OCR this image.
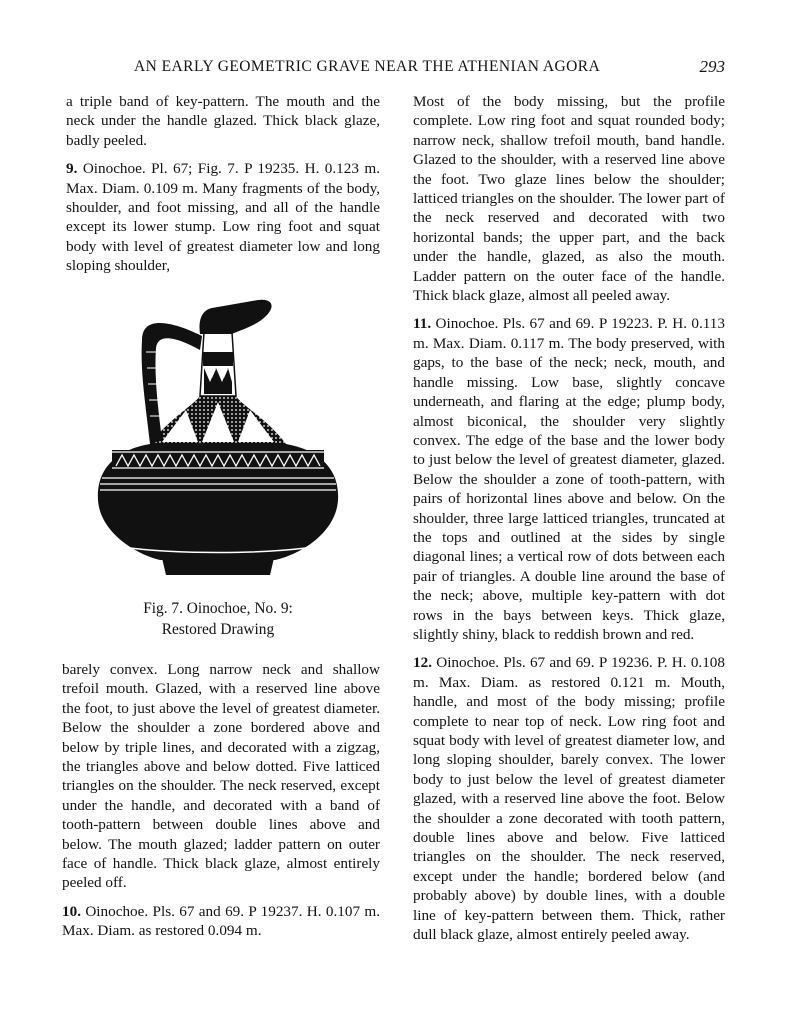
AN EARLY GEOMETRIC GRAVE NEAR THE ATHENIAN AGORA	293

a triple band of key-pattern. The mouth and the neck under the handle glazed. Thick black glaze, badly peeled.

9. Oinochoe. Pl. 67; Fig. 7. P 19235. H. 0.123 m. Max. Diam. 0.109 m. Many fragments of the body, shoulder, and foot missing, and all of the handle except its lower stump. Low ring foot and squat body with level of greatest diameter low and long sloping shoulder,

Fig. 7. Oinochoe, No. 9:
Restored Drawing

barely convex. Long narrow neck and shallow trefoil mouth. Glazed, with a reserved line above the foot, to just above the level of greatest diameter. Below the shoulder a zone bordered above and below by triple lines, and decorated with a zigzag, the triangles above and below dotted. Five latticed triangles on the shoulder. The neck reserved, except under the handle, and decorated with a band of tooth-pattern between double lines above and below. The mouth glazed; ladder pattern on outer face of handle. Thick black glaze, almost entirely peeled off.

10. Oinochoe. Pls. 67 and 69. P 19237. H. 0.107 m. Max. Diam. as restored 0.094 m.

Most of the body missing, but the profile complete. Low ring foot and squat rounded body; narrow neck, shallow trefoil mouth, band handle. Glazed to the shoulder, with a reserved line above the foot. Two glaze lines below the shoulder; latticed triangles on the shoulder. The lower part of the neck reserved and decorated with two horizontal bands; the upper part, and the back under the handle, glazed, as also the mouth. Ladder pattern on the outer face of the handle. Thick black glaze, almost all peeled away.

11. Oinochoe. Pls. 67 and 69. P 19223. P. H. 0.113 m. Max. Diam. 0.117 m. The body preserved, with gaps, to the base of the neck; neck, mouth, and handle missing. Low base, slightly concave underneath, and flaring at the edge; plump body, almost biconical, the shoulder very slightly convex. The edge of the base and the lower body to just below the level of greatest diameter, glazed. Below the shoulder a zone of tooth-pattern, with pairs of horizontal lines above and below. On the shoulder, three large latticed triangles, truncated at the tops and outlined at the sides by single diagonal lines; a vertical row of dots between each pair of triangles. A double line around the base of the neck; above, multiple key-pattern with dot rows in the bays between keys. Thick glaze, slightly shiny, black to reddish brown and red.

12. Oinochoe. Pls. 67 and 69. P 19236. P. H. 0.108 m. Max. Diam. as restored 0.121 m. Mouth, handle, and most of the body missing; profile complete to near top of neck. Low ring foot and squat body with level of greatest diameter low, and long sloping shoulder, barely convex. The lower body to just below the level of greatest diameter glazed, with a reserved line above the foot. Below the shoulder a zone decorated with tooth pattern, double lines above and below. Five latticed triangles on the shoulder. The neck reserved, except under the handle; bordered below (and probably above) by double lines, with a double line of key-pattern between them. Thick, rather dull black glaze, almost entirely peeled away.
